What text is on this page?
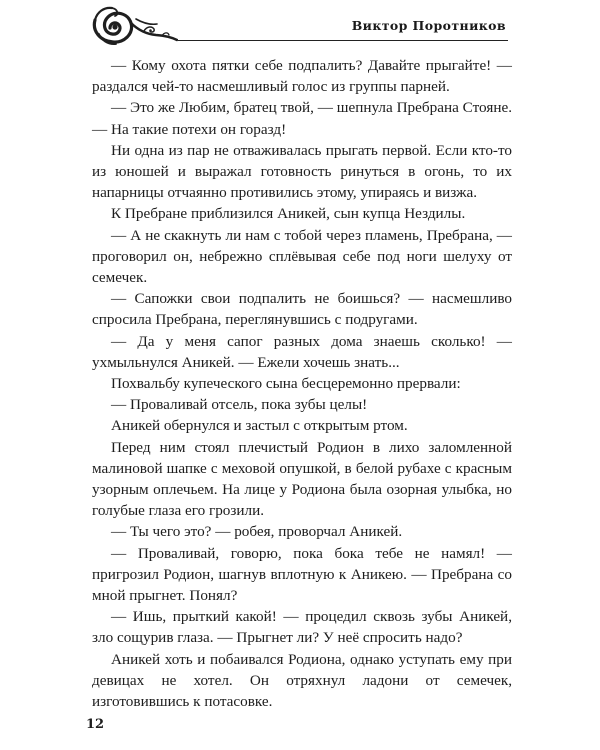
Виктор Поротников

— Кому охота пятки себе подпалить? Давайте прыгайте! — раздался чей-то насмешливый голос из группы парней.

— Это же Любим, братец твой, — шепнула Пребрана Стояне. — На такие потехи он горазд!

Ни одна из пар не отваживалась прыгать первой. Если кто-то из юношей и выражал готовность ринуться в огонь, то их напарницы отчаянно противились этому, упираясь и визжа.

К Пребране приблизился Аникей, сын купца Нездилы.

— А не скакнуть ли нам с тобой через пламень, Пребрана, — проговорил он, небрежно сплёвывая себе под ноги шелуху от семечек.

— Сапожки свои подпалить не боишься? — насмешливо спросила Пребрана, переглянувшись с подругами.

— Да у меня сапог разных дома знаешь сколько! — ухмыльнулся Аникей. — Ежели хочешь знать...

Похвальбу купеческого сына бесцеремонно прервали:

— Проваливай отсель, пока зубы целы!

Аникей обернулся и застыл с открытым ртом.

Перед ним стоял плечистый Родион в лихо заломленной малиновой шапке с меховой опушкой, в белой рубахе с красным узорным оплечьем. На лице у Родиона была озорная улыбка, но голубые глаза его грозили.

— Ты чего это? — робея, проворчал Аникей.

— Проваливай, говорю, пока бока тебе не намял! — пригрозил Родион, шагнув вплотную к Аникею. — Пребрана со мной прыгнет. Понял?

— Ишь, прыткий какой! — процедил сквозь зубы Аникей, зло сощурив глаза. — Прыгнет ли? У неё спросить надо?

Аникей хоть и побаивался Родиона, однако уступать ему при девицах не хотел. Он отряхнул ладони от семечек, изготовившись к потасовке.

12
